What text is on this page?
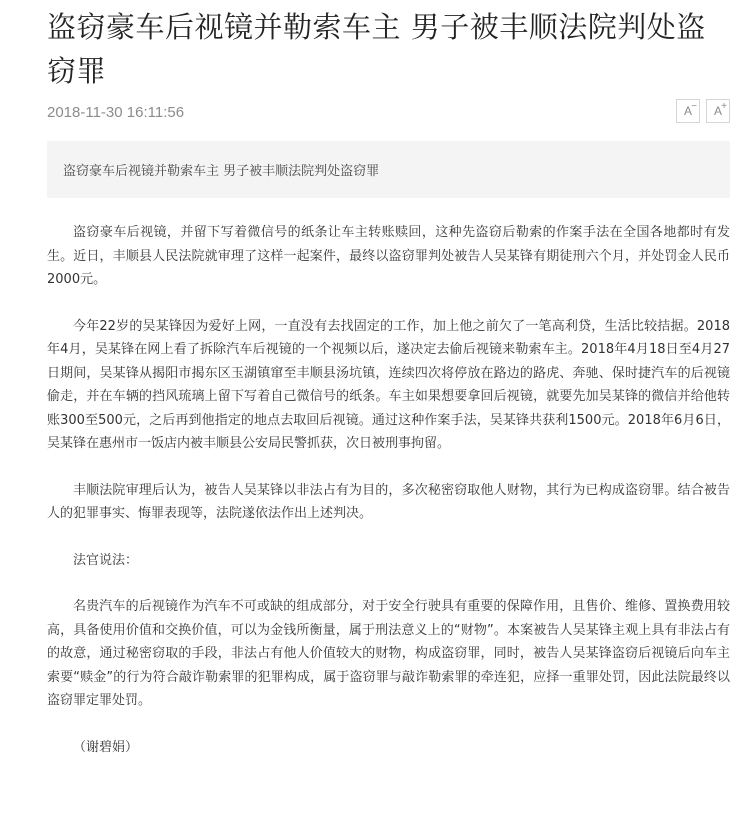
盗窃豪车后视镜并勒索车主 男子被丰顺法院判处盗窃罪
2018-11-30 16:11:56	A −	A +
盗窃豪车后视镜并勒索车主 男子被丰顺法院判处盗窃罪

盗窃豪车后视镜，并留下写着微信号的纸条让车主转账赎回，这种先盗窃后勒索的作案手法在全国各地都时有发生。近日，丰顺县人民法院就审理了这样一起案件，最终以盗窃罪判处被告人吴某锋有期徒刑六个月，并处罚金人民币2000元。

今年22岁的吴某锋因为爱好上网，一直没有去找固定的工作，加上他之前欠了一笔高利贷，生活比较拮据。2018年4月，吴某锋在网上看了拆除汽车后视镜的一个视频以后，遂决定去偷后视镜来勒索车主。2018年4月18日至4月27日期间，吴某锋从揭阳市揭东区玉湖镇窜至丰顺县汤坑镇，连续四次将停放在路边的路虎、奔驰、保时捷汽车的后视镜偷走，并在车辆的挡风琉璃上留下写着自己微信号的纸条。车主如果想要拿回后视镜，就要先加吴某锋的微信并给他转账300至500元，之后再到他指定的地点去取回后视镜。通过这种作案手法，吴某锋共获利1500元。2018年6月6日，吴某锋在惠州市一饭店内被丰顺县公安局民警抓获，次日被刑事拘留。

丰顺法院审理后认为，被告人吴某锋以非法占有为目的，多次秘密窃取他人财物，其行为已构成盗窃罪。结合被告人的犯罪事实、悔罪表现等，法院遂依法作出上述判决。

法官说法：

名贵汽车的后视镜作为汽车不可或缺的组成部分，对于安全行驶具有重要的保障作用，且售价、维修、置换费用较高，具备使用价值和交换价值，可以为金钱所衡量，属于刑法意义上的“财物”。本案被告人吴某锋主观上具有非法占有的故意，通过秘密窃取的手段，非法占有他人价值较大的财物，构成盗窃罪，同时，被告人吴某锋盗窃后视镜后向车主索要“赎金”的行为符合敲诈勒索罪的犯罪构成，属于盗窃罪与敲诈勒索罪的牵连犯，应择一重罪处罚，因此法院最终以盗窃罪定罪处罚。

（谢碧娟）
